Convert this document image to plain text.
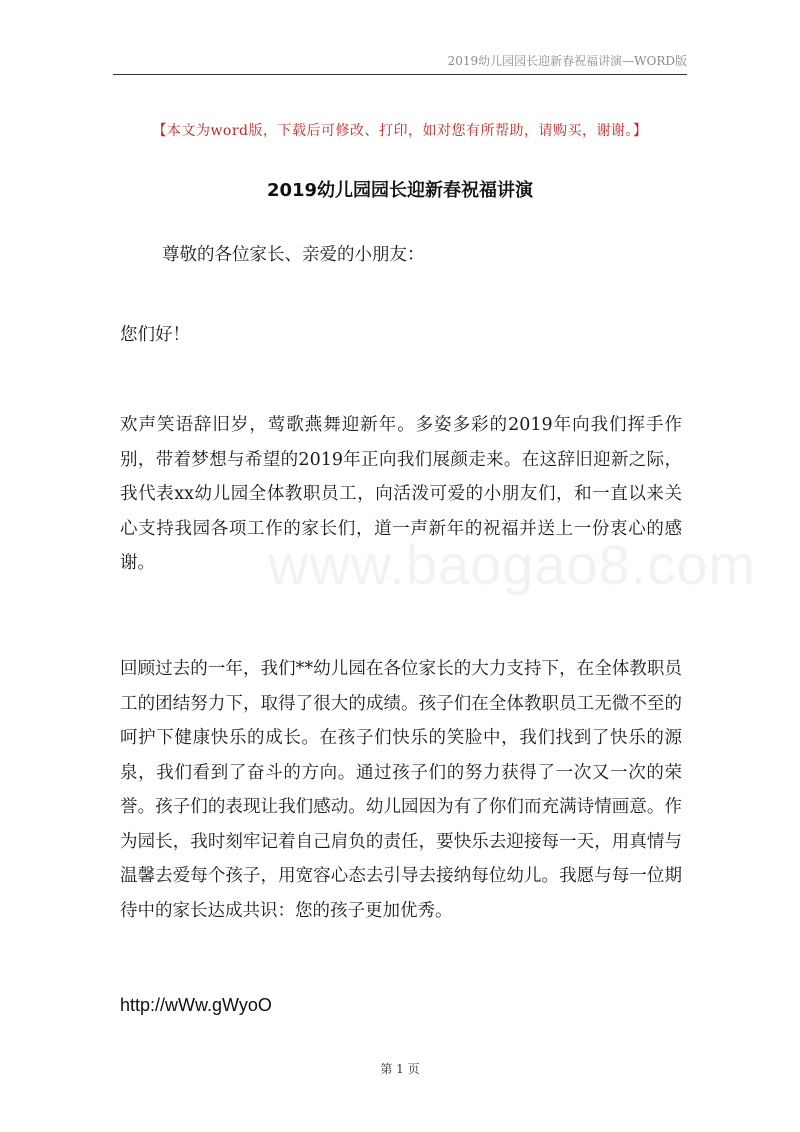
2019幼儿园园长迎新春祝福讲演—WORD版
【本文为word版，下载后可修改、打印，如对您有所帮助，请购买，谢谢。】
2019幼儿园园长迎新春祝福讲演

尊敬的各位家长、亲爱的小朋友：

您们好！

欢声笑语辞旧岁，莺歌燕舞迎新年。多姿多彩的2019年向我们挥手作别，带着梦想与希望的2019年正向我们展颜走来。在这辞旧迎新之际，我代表xx幼儿园全体教职员工，向活泼可爱的小朋友们，和一直以来关心支持我园各项工作的家长们，道一声新年的祝福并送上一份衷心的感谢。

回顾过去的一年，我们**幼儿园在各位家长的大力支持下，在全体教职员工的团结努力下，取得了很大的成绩。孩子们在全体教职员工无微不至的呵护下健康快乐的成长。在孩子们快乐的笑脸中，我们找到了快乐的源泉，我们看到了奋斗的方向。通过孩子们的努力获得了一次又一次的荣誉。孩子们的表现让我们感动。幼儿园因为有了你们而充满诗情画意。作为园长，我时刻牢记着自己肩负的责任，要快乐去迎接每一天，用真情与温馨去爱每个孩子，用宽容心态去引导去接纳每位幼儿。我愿与每一位期待中的家长达成共识：您的孩子更加优秀。

http://wWw.gWyoO
www.baogao8.com
第 1 页
